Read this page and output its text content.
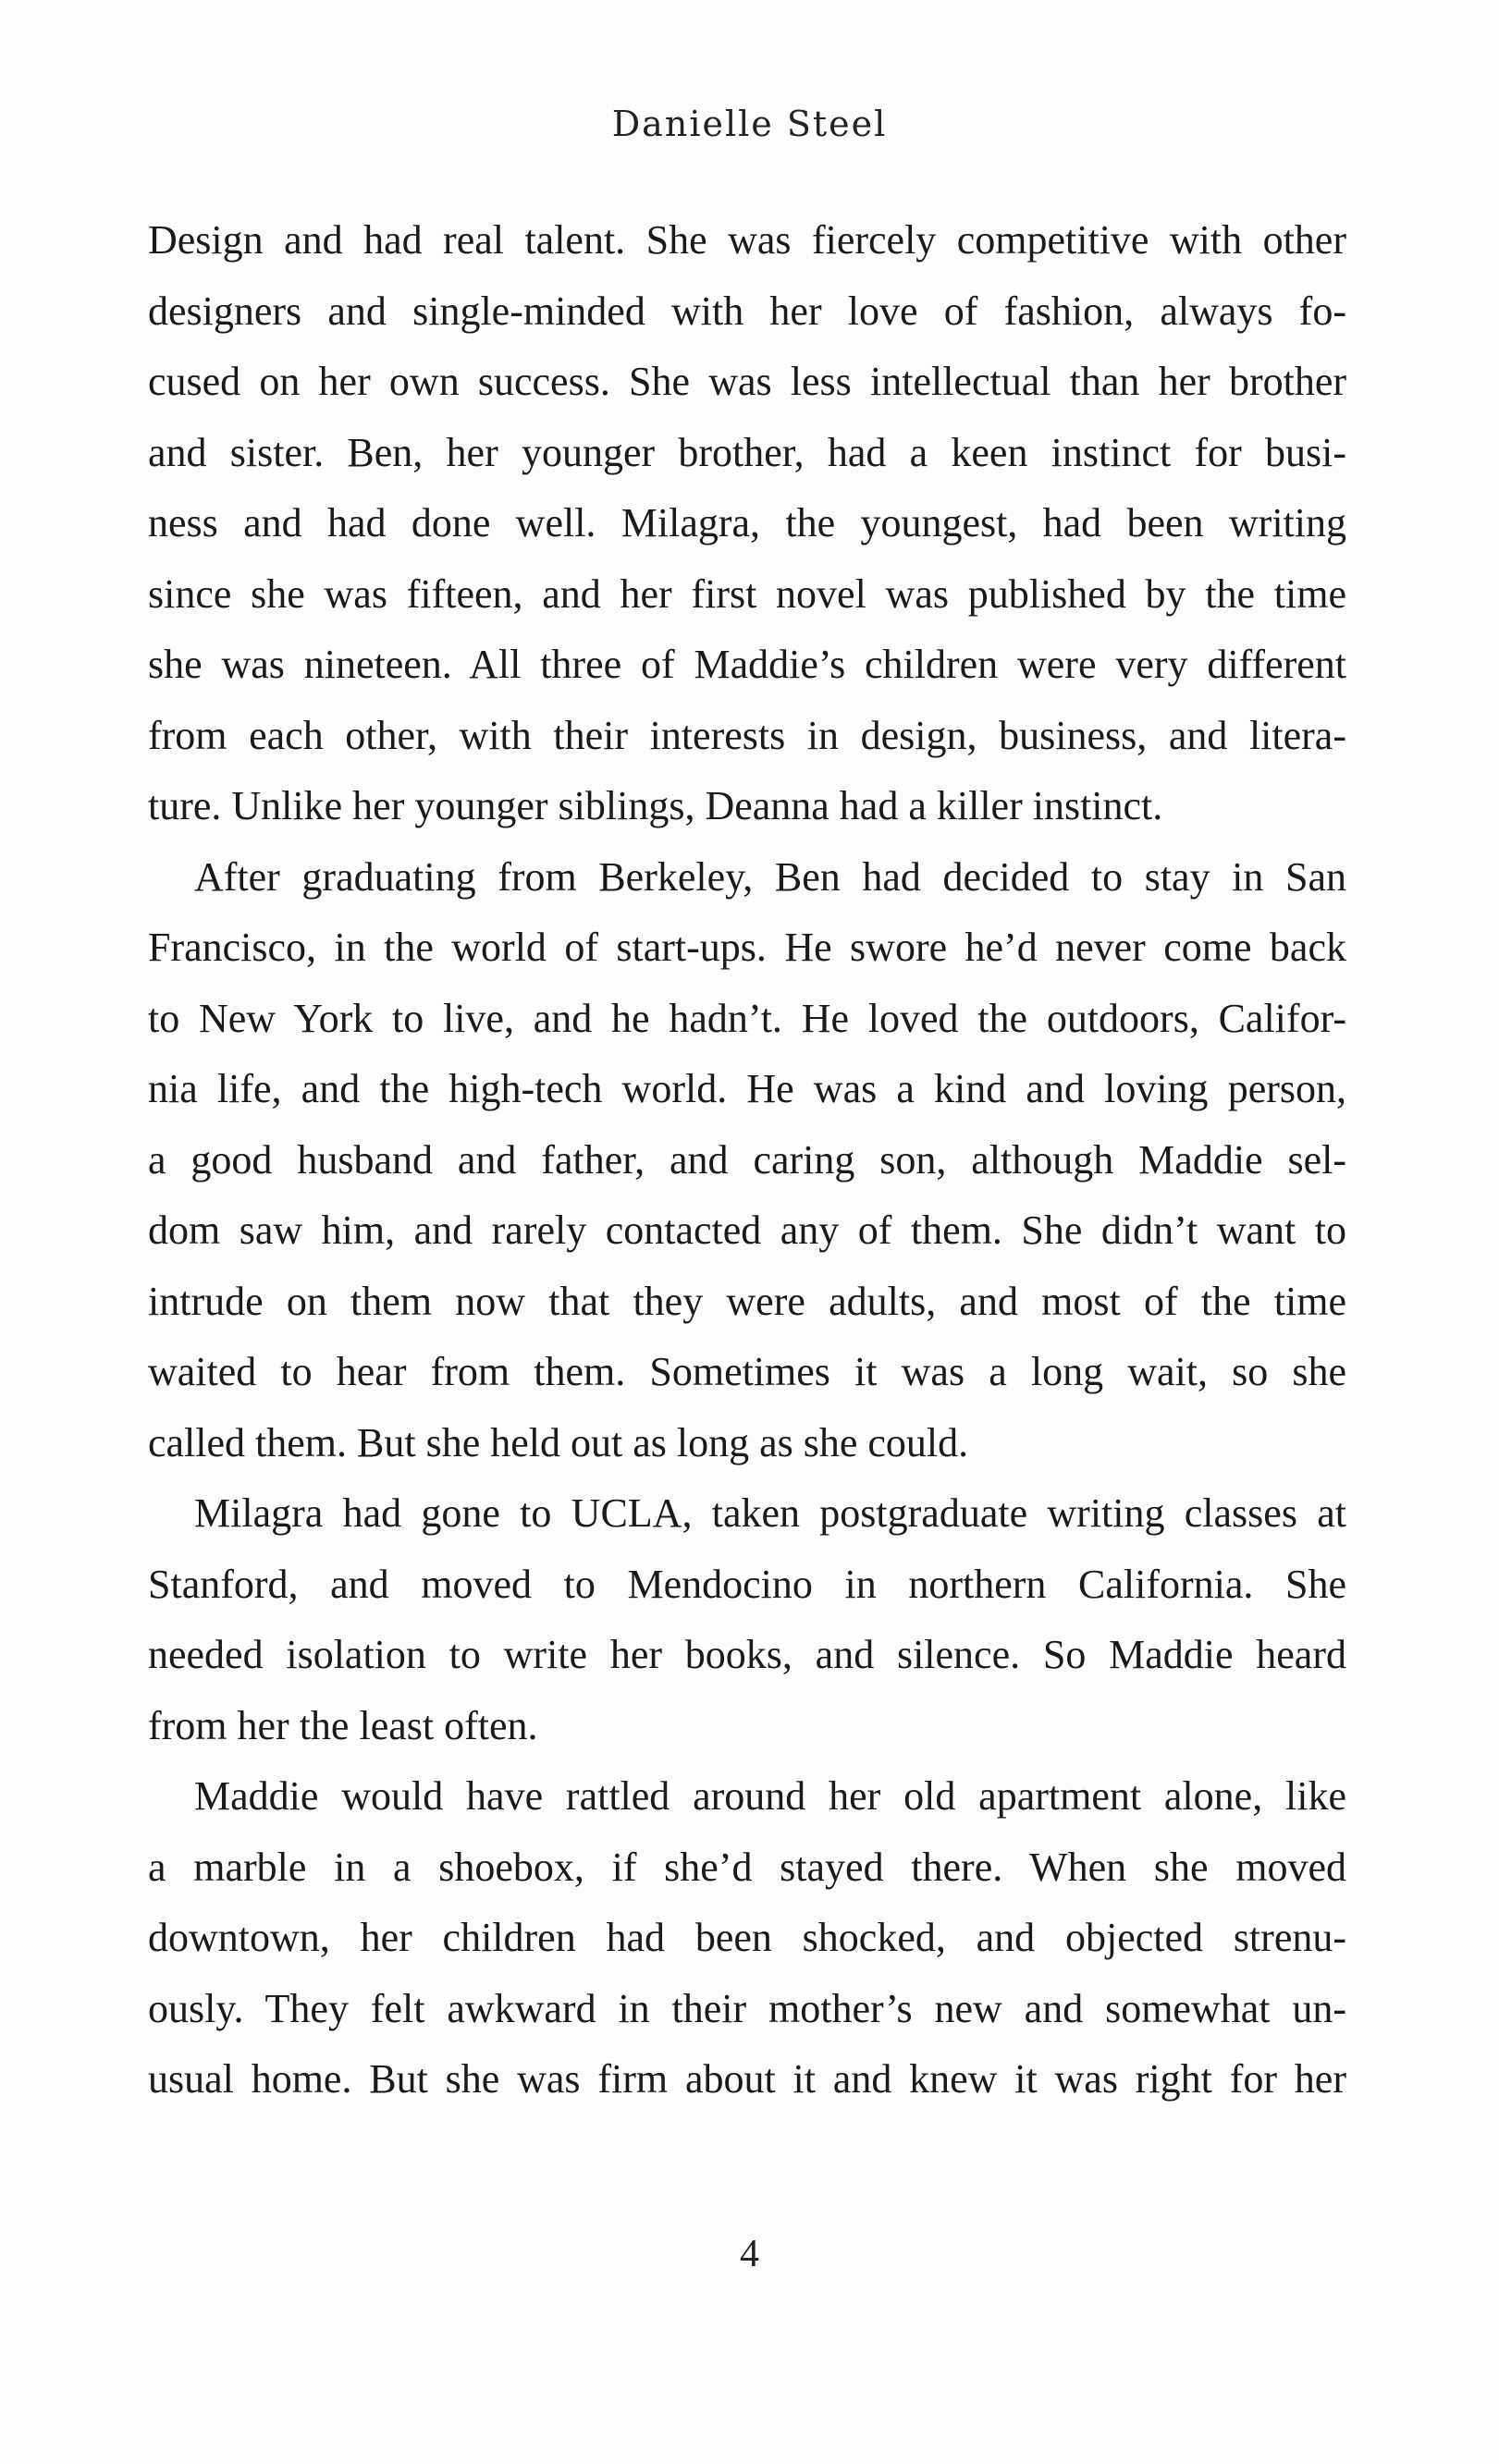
Danielle Steel
Design and had real talent. She was fiercely competitive with other
designers and single-minded with her love of fashion, always fo-
cused on her own success. She was less intellectual than her brother
and sister. Ben, her younger brother, had a keen instinct for busi-
ness and had done well. Milagra, the youngest, had been writing
since she was fifteen, and her first novel was published by the time
she was nineteen. All three of Maddie’s children were very different
from each other, with their interests in design, business, and litera-
ture. Unlike her younger siblings, Deanna had a killer instinct.
After graduating from Berkeley, Ben had decided to stay in San
Francisco, in the world of start-ups. He swore he’d never come back
to New York to live, and he hadn’t. He loved the outdoors, Califor-
nia life, and the high-tech world. He was a kind and loving person,
a good husband and father, and caring son, although Maddie sel-
dom saw him, and rarely contacted any of them. She didn’t want to
intrude on them now that they were adults, and most of the time
waited to hear from them. Sometimes it was a long wait, so she
called them. But she held out as long as she could.
Milagra had gone to UCLA, taken postgraduate writing classes at
Stanford, and moved to Mendocino in northern California. She
needed isolation to write her books, and silence. So Maddie heard
from her the least often.
Maddie would have rattled around her old apartment alone, like
a marble in a shoebox, if she’d stayed there. When she moved
downtown, her children had been shocked, and objected strenu-
ously. They felt awkward in their mother’s new and somewhat un-
usual home. But she was firm about it and knew it was right for her
4
